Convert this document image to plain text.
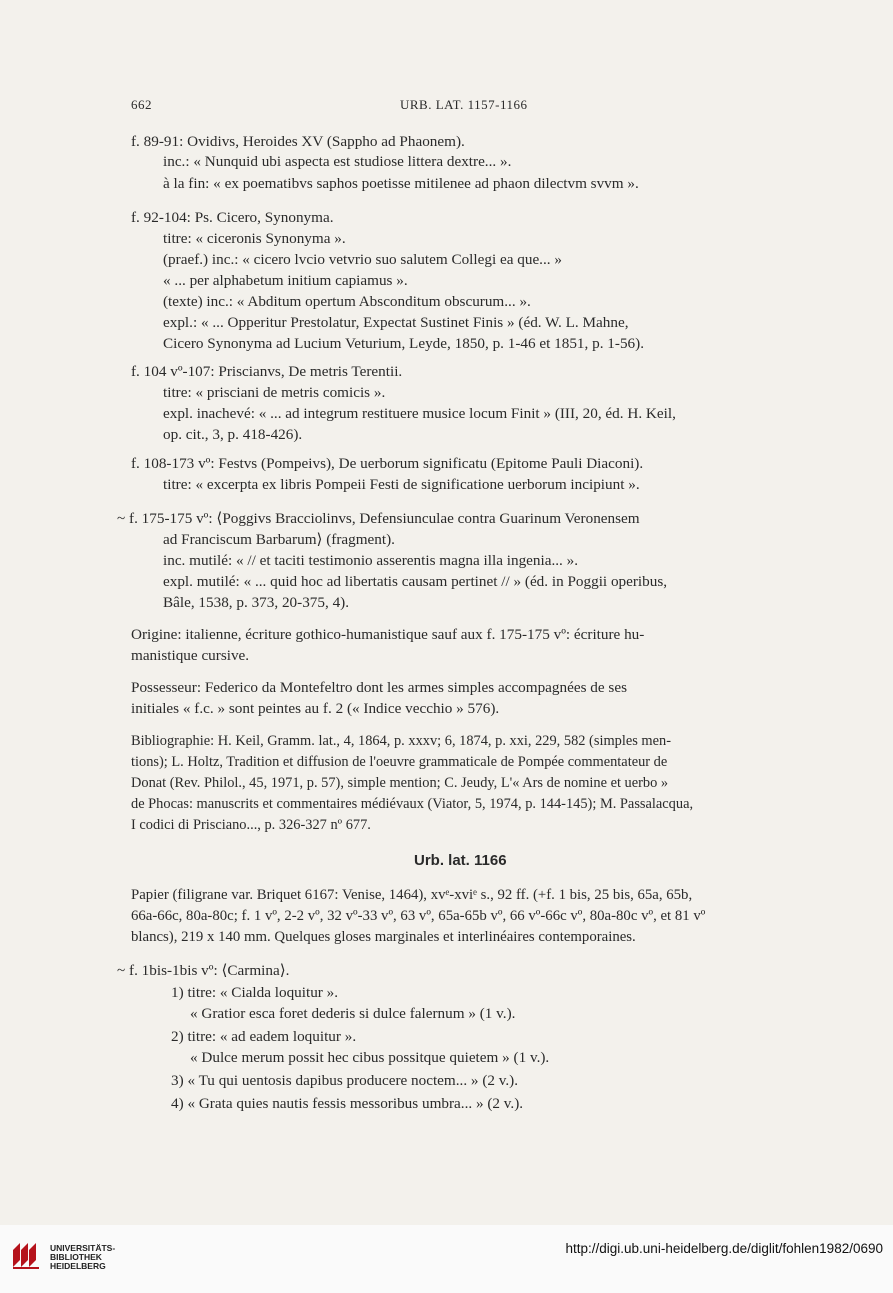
662	URB. LAT. 1157-1166
f. 89-91: Ovidivs, Heroides XV (Sappho ad Phaonem).
inc.: « Nunquid ubi aspecta est studiose littera dextre... ».
à la fin: « ex poematibvs saphos poetisse mitilenee ad phaon dilectvm svvm ».
f. 92-104: Ps. Cicero, Synonyma.
titre: « ciceronis Synonyma ».
(praef.) inc.: « cicero lvcio vetvrio suo salutem Collegi ea que... »
« ... per alphabetum initium capiamus ».
(texte) inc.: « Abditum opertum Absconditum obscurum... ».
expl.: « ... Opperitur Prestolatur, Expectat Sustinet Finis » (éd. W. L. Mahne,
Cicero Synonyma ad Lucium Veturium, Leyde, 1850, p. 1-46 et 1851, p. 1-56).
f. 104 vº-107: Priscianvs, De metris Terentii.
titre: « prisciani de metris comicis ».
expl. inachevé: « ... ad integrum restituere musice locum Finit » (III, 20, éd. H. Keil,
op. cit., 3, p. 418-426).
f. 108-173 vº: Festvs (Pompeivs), De uerborum significatu (Epitome Pauli Diaconi).
titre: « excerpta ex libris Pompeii Festi de significatione uerborum incipiunt ».
~ f. 175-175 vº: ⟨Poggivs Bracciolinvs, Defensiunculae contra Guarinum Veronensem
ad Franciscum Barbarum⟩ (fragment).
inc. mutilé: « // et taciti testimonio asserentis magna illa ingenia... ».
expl. mutilé: « ... quid hoc ad libertatis causam pertinet // » (éd. in Poggii operibus,
Bâle, 1538, p. 373, 20-375, 4).
Origine: italienne, écriture gothico-humanistique sauf aux f. 175-175 vº: écriture hu-
manistique cursive.
Possesseur: Federico da Montefeltro dont les armes simples accompagnées de ses
initiales « f.c. » sont peintes au f. 2 (« Indice vecchio » 576).
Bibliographie: H. Keil, Gramm. lat., 4, 1864, p. xxxv; 6, 1874, p. xxi, 229, 582 (simples men-
tions); L. Holtz, Tradition et diffusion de l'oeuvre grammaticale de Pompée commentateur de
Donat (Rev. Philol., 45, 1971, p. 57), simple mention; C. Jeudy, L'« Ars de nomine et uerbo »
de Phocas: manuscrits et commentaires médiévaux (Viator, 5, 1974, p. 144-145); M. Passalacqua,
I codici di Prisciano..., p. 326-327 nº 677.
Urb. lat. 1166
Papier (filigrane var. Briquet 6167: Venise, 1464), xvᵉ-xviᵉ s., 92 ff. (+f. 1 bis, 25 bis, 65a, 65b,
66a-66c, 80a-80c; f. 1 vº, 2-2 vº, 32 vº-33 vº, 63 vº, 65a-65b vº, 66 vº-66c vº, 80a-80c vº, et 81 vº
blancs), 219 x 140 mm. Quelques gloses marginales et interlinéaires contemporaines.
~ f. 1bis-1bis vº: ⟨Carmina⟩.
1) titre: « Cialda loquitur ».
« Gratior esca foret dederis si dulce falernum » (1 v.).
2) titre: « ad eadem loquitur ».
« Dulce merum possit hec cibus possitque quietem » (1 v.).
3) « Tu qui uentosis dapibus producere noctem... » (2 v.).
4) « Grata quies nautis fessis messoribus umbra... » (2 v.).
UNIVERSITÄTS-
BIBLIOTHEK
HEIDELBERG
http://digi.ub.uni-heidelberg.de/diglit/fohlen1982/0690
